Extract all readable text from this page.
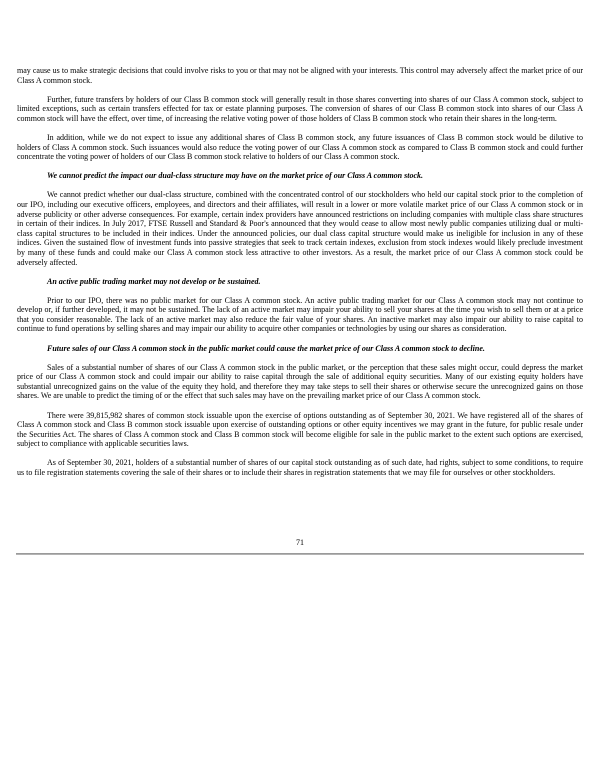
may cause us to make strategic decisions that could involve risks to you or that may not be aligned with your interests. This control may adversely affect the market price of our Class A common stock.

Further, future transfers by holders of our Class B common stock will generally result in those shares converting into shares of our Class A common stock, subject to limited exceptions, such as certain transfers effected for tax or estate planning purposes. The conversion of shares of our Class B common stock into shares of our Class A common stock will have the effect, over time, of increasing the relative voting power of those holders of Class B common stock who retain their shares in the long-term.

In addition, while we do not expect to issue any additional shares of Class B common stock, any future issuances of Class B common stock would be dilutive to holders of Class A common stock. Such issuances would also reduce the voting power of our Class A common stock as compared to Class B common stock and could further concentrate the voting power of holders of our Class B common stock relative to holders of our Class A common stock.

We cannot predict the impact our dual-class structure may have on the market price of our Class A common stock.

We cannot predict whether our dual-class structure, combined with the concentrated control of our stockholders who held our capital stock prior to the completion of our IPO, including our executive officers, employees, and directors and their affiliates, will result in a lower or more volatile market price of our Class A common stock or in adverse publicity or other adverse consequences. For example, certain index providers have announced restrictions on including companies with multiple class share structures in certain of their indices. In July 2017, FTSE Russell and Standard & Poor's announced that they would cease to allow most newly public companies utilizing dual or multi-class capital structures to be included in their indices. Under the announced policies, our dual class capital structure would make us ineligible for inclusion in any of these indices. Given the sustained flow of investment funds into passive strategies that seek to track certain indexes, exclusion from stock indexes would likely preclude investment by many of these funds and could make our Class A common stock less attractive to other investors. As a result, the market price of our Class A common stock could be adversely affected.

An active public trading market may not develop or be sustained.

Prior to our IPO, there was no public market for our Class A common stock. An active public trading market for our Class A common stock may not continue to develop or, if further developed, it may not be sustained. The lack of an active market may impair your ability to sell your shares at the time you wish to sell them or at a price that you consider reasonable. The lack of an active market may also reduce the fair value of your shares. An inactive market may also impair our ability to raise capital to continue to fund operations by selling shares and may impair our ability to acquire other companies or technologies by using our shares as consideration.

Future sales of our Class A common stock in the public market could cause the market price of our Class A common stock to decline.

Sales of a substantial number of shares of our Class A common stock in the public market, or the perception that these sales might occur, could depress the market price of our Class A common stock and could impair our ability to raise capital through the sale of additional equity securities. Many of our existing equity holders have substantial unrecognized gains on the value of the equity they hold, and therefore they may take steps to sell their shares or otherwise secure the unrecognized gains on those shares. We are unable to predict the timing of or the effect that such sales may have on the prevailing market price of our Class A common stock.

There were 39,815,982 shares of common stock issuable upon the exercise of options outstanding as of September 30, 2021. We have registered all of the shares of Class A common stock and Class B common stock issuable upon exercise of outstanding options or other equity incentives we may grant in the future, for public resale under the Securities Act. The shares of Class A common stock and Class B common stock will become eligible for sale in the public market to the extent such options are exercised, subject to compliance with applicable securities laws.

As of September 30, 2021, holders of a substantial number of shares of our capital stock outstanding as of such date, had rights, subject to some conditions, to require us to file registration statements covering the sale of their shares or to include their shares in registration statements that we may file for ourselves or other stockholders.

71
